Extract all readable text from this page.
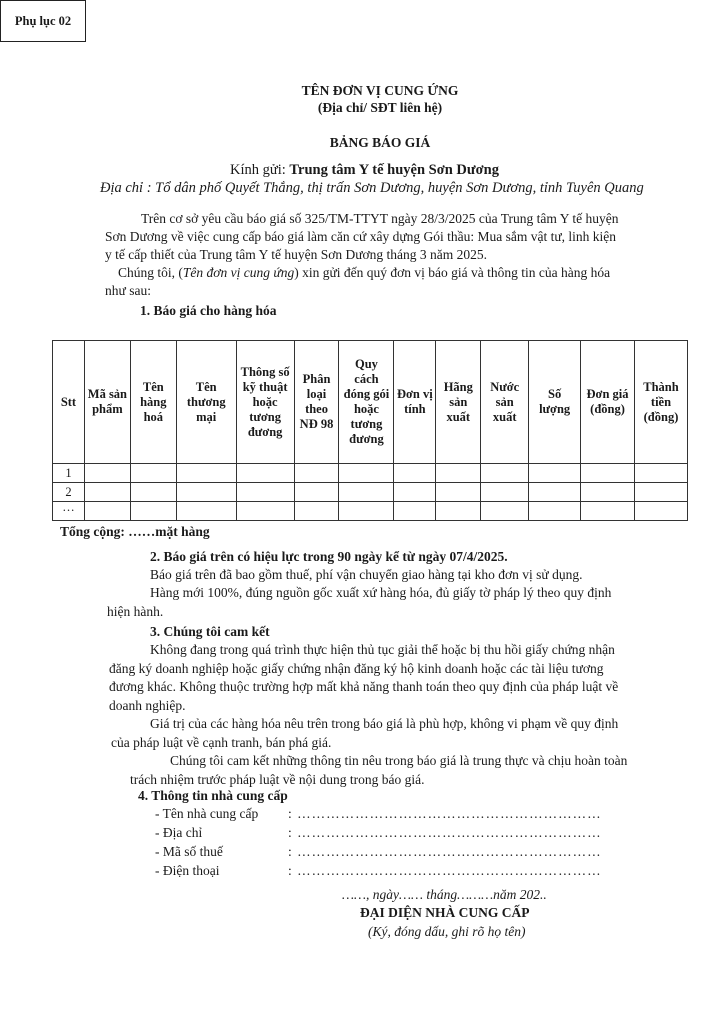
Phụ lục 02
TÊN ĐƠN VỊ CUNG ỨNG
(Địa chỉ/ SĐT liên hệ)
BẢNG BÁO GIÁ
Kính gửi: Trung tâm Y tế huyện Sơn Dương
Địa chỉ : Tổ dân phố Quyết Thắng, thị trấn Sơn Dương, huyện Sơn Dương, tỉnh Tuyên Quang
Trên cơ sở yêu cầu báo giá số 325/TM-TTYT ngày 28/3/2025 của Trung tâm Y tế huyện
Sơn Dương về việc cung cấp báo giá làm căn cứ xây dựng Gói thầu: Mua sắm vật tư, linh kiện
y tế cấp thiết của Trung tâm Y tế huyện Sơn Dương tháng 3 năm 2025.
Chúng tôi, (Tên đơn vị cung ứng) xin gửi đến quý đơn vị báo giá và thông tin của hàng hóa
như sau:
1. Báo giá cho hàng hóa
Stt	Mã sản phẩm	Tên hàng hoá	Tên thương mại	Thông số kỹ thuật hoặc tương đương	Phân loại theo NĐ 98	Quy cách đóng gói hoặc tương đương	Đơn vị tính	Hãng sản xuất	Nước sản xuất	Số lượng	Đơn giá (đồng)	Thành tiền (đồng)
1												
2												
…												
Tổng cộng: ……mặt hàng
2. Báo giá trên có hiệu lực trong 90 ngày kể từ ngày 07/4/2025.
Báo giá trên đã bao gồm thuế, phí vận chuyển giao hàng tại kho đơn vị sử dụng.
Hàng mới 100%, đúng nguồn gốc xuất xứ hàng hóa, đủ giấy tờ pháp lý theo quy định
hiện hành.
3. Chúng tôi cam kết
Không đang trong quá trình thực hiện thủ tục giải thể hoặc bị thu hồi giấy chứng nhận
đăng ký doanh nghiệp hoặc giấy chứng nhận đăng ký hộ kinh doanh hoặc các tài liệu tương
đương khác. Không thuộc trường hợp mất khả năng thanh toán theo quy định của pháp luật về
doanh nghiệp.
Giá trị của các hàng hóa nêu trên trong báo giá là phù hợp, không vi phạm về quy định
của pháp luật về cạnh tranh, bán phá giá.
Chúng tôi cam kết những thông tin nêu trong báo giá là trung thực và chịu hoàn toàn
trách nhiệm trước pháp luật về nội dung trong báo giá.
4. Thông tin nhà cung cấp
- Tên nhà cung cấp : ………………………………………………………
- Địa chỉ	: ………………………………………………………
- Mã số thuế	: ………………………………………………………
- Điện thoại	: ………………………………………………………
……, ngày…… tháng………năm 202..
ĐẠI DIỆN NHÀ CUNG CẤP
(Ký, đóng dấu, ghi rõ họ tên)
